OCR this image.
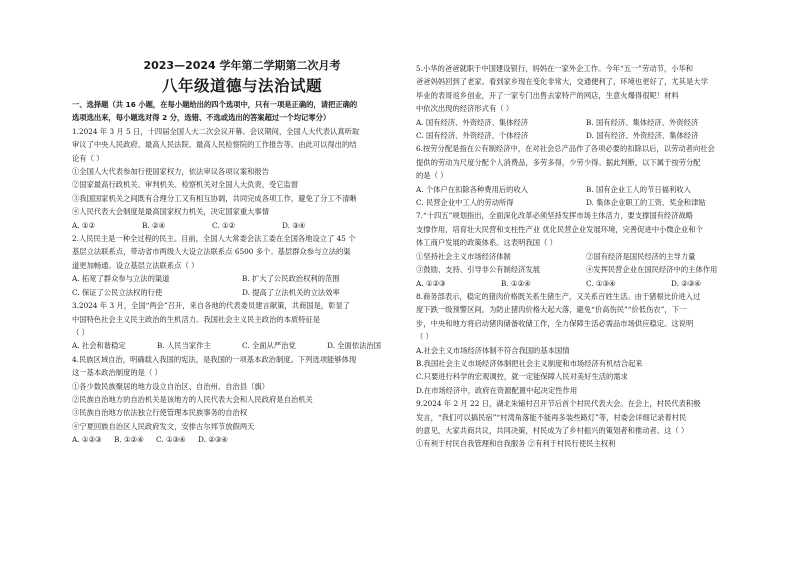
2023—2024 学年第二学期第二次月考
八年级道德与法治试题
一、选择题（共 16 小题，在每小题给出的四个选项中，只有一项是正确的，请把正确的
选项选出来，每小题选对得 2 分，选错、不选或选出的答案超过一个均记零分）
1.2024 年 3 月 5 日，十四届全国人大二次会议开幕。会议期间，全国人大代表认真听取
审议了中央人民政府、最高人民法院、最高人民检察院的工作报告等。由此可以得出的结
论有（ ）
①全国人大代表参加行使国家权力，依法审议各项议案和报告
②国家最高行政机关、审判机关、检察机关对全国人大负责，受它监督
③我国国家机关之间既有合理分工又有相互协调，共同完成各项工作，避免了分工不清晰
④人民代表大会制度是最高国家权力机关，决定国家重大事情
A. ①②	B. ②④	C. ①②	D. ③④
2.人民民主是一种全过程的民主。目前，全国人大常委会法工委在全国各地设立了 45 个
基层立法联系点，带动省市两级人大设立法联系点 6500 多个。基层群众参与立法的渠
道更加畅通。设立基层立法联系点（ ）
A. 拓宽了群众参与立法的渠道	B. 扩大了公民政治权利的范围
C. 保证了公民立法权的行使	D. 提高了立法机关的立法效率
3.2024 年 3 月，全国“两会”召开，来自各地的代表委员建言献策，共商国是，彰显了
中国特色社会主义民主政治的生机活力。我国社会主义民主政治的本质特征是
（ ）
A. 社会和谐稳定	B. 人民当家作主	C. 全面从严治党	D. 全面依法治国
4.民族区域自治，明确载入我国的宪法，是我国的一项基本政治制度。下列选项能够体现
这一基本政治制度的是（ ）
①各少数民族聚居的地方设立自治区、自治州、自治县（旗）
②民族自治地方的自治机关是该地方的人民代表大会和人民政府是自治机关
③民族自治地方依法独立行使管理本民族事务的自治权
④宁夏回族自治区人民政府发文，安排古尔邦节放假两天
A. ①②③	B. ①②④	C. ①③④	D. ②③④
5.小华的爸爸就职于中国建设银行，妈妈在一家外企工作。今年“五一”劳动节，小华和
爸爸妈妈回到了老家。看到家乡现在变化非常大，交通便利了，环境也更好了，尤其是大学
毕业的表哥返乡创业，开了一家专门出售去家特产的网店，生意火爆得很呢！材料
中依次出现的经济形式有（ ）
A. 国有经济、外资经济、集体经济	B. 国有经济、集体经济、外资经济
C. 国有经济、外资经济、个体经济	D. 国有经济、外资经济、集体经济
6.按劳分配是指在公有制经济中，在对社会总产品作了各项必要的扣除以后，以劳动者向社会
提供的劳动为尺度分配个人消费品，多劳多得，少劳少得。据此判断，以下属于按劳分配
的是（ ）
A. 个体户在扣除各种费用后的收入	B. 国有企业工人的节日福利收入
C. 民营企业中工人的劳动所得	D. 集体企业职工的工资、奖金和津贴
7.“十四五”规划指出，全面深化改革必须坚持发挥市场主体活力，要支撑国有经济战略
支撑作用，培育壮大民营和支柱性产业 优化民营企业发展环境，完善促进中小微企业和个
体工商户发展的政策体系。这表明我国（ ）
①坚持社会主义市场经济体制	②国有经济是国民经济的主导力量
③鼓励、支持、引导非公有制经济发展	④发挥民营企业在国民经济中的主体作用
A. ①②③	B. ①②④	C. ①③④	D. ②③④
8.商务部表示，稳定的猪肉价格既关系生猪生产，又关系百姓生活。由于猪根比价进入过
度下跌一级预警区间，为防止猪肉价格大起大落，避免“价高伤民”“价低伤农”，下一
步，中央和地方将启动猪肉储备收储工作，全力保障生活必需品市场供应稳定。这说明
（ ）
A.社会主义市场经济体制不符合我国的基本国情
B.我国社会主义市场经济体制把社会主义制度和市场经济有机结合起来
C.只要进行科学的宏观调控，就一定能保障人民对美好生活的需求
D.在市场经济中，政府在资源配置中起决定性作用
9.2024 年 2 月 22 日，湖北朱铺村召开节后首个村民代表大会。在会上，村民代表积极
发言，“我们可以搞民宿”“村湾角落能不能再多装些路灯”等，村委会详细记录着村民
的意见，大家共商共议，共同决策，村民成为了乡村振兴的策划者和推动者。这（ ）
①有利于村民自我管理和自我服务 ②有利于村民行使民主权利
